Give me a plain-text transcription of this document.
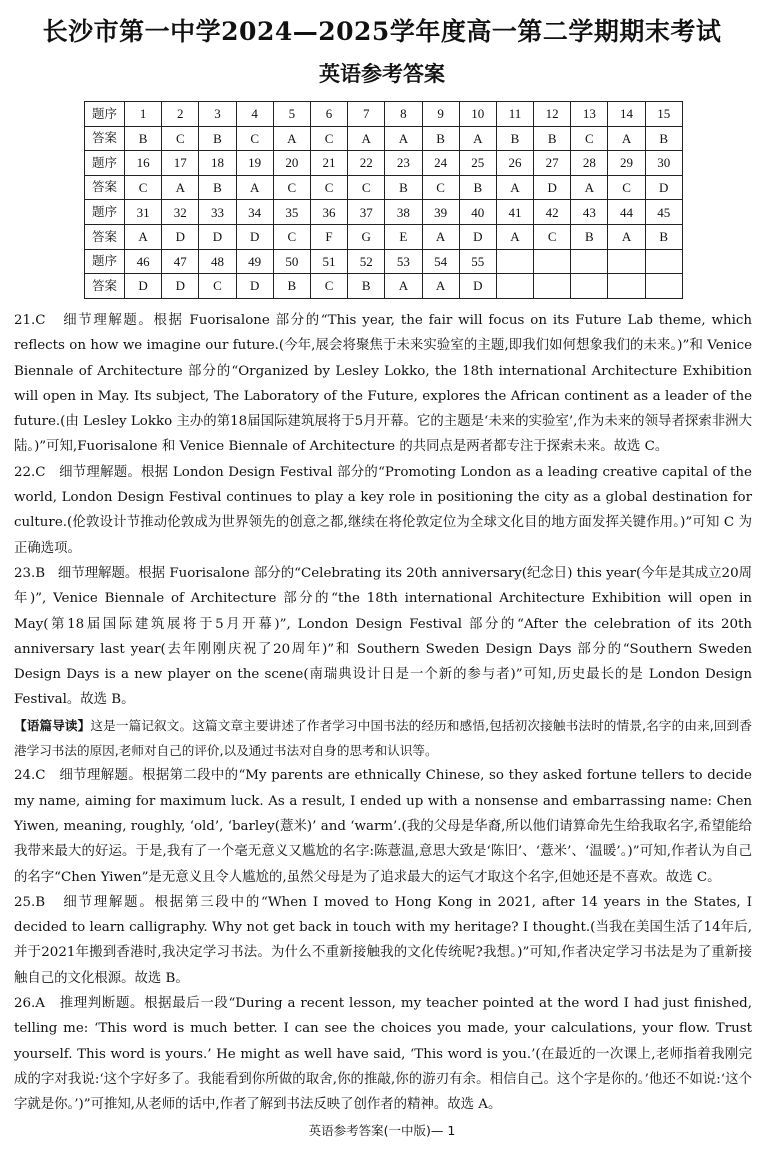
长沙市第一中学2024—2025学年度高一第二学期期末考试
英语参考答案
题序	1	2	3	4	5	6	7	8	9	10	11	12	13	14	15
答案	B	C	B	C	A	C	A	A	B	A	B	B	C	A	B
题序	16	17	18	19	20	21	22	23	24	25	26	27	28	29	30
答案	C	A	B	A	C	C	C	B	C	B	A	D	A	C	D
题序	31	32	33	34	35	36	37	38	39	40	41	42	43	44	45
答案	A	D	D	D	C	F	G	E	A	D	A	C	B	A	B
题序	46	47	48	49	50	51	52	53	54	55					
答案	D	D	C	D	B	C	B	A	A	D					

21.C 细节理解题。根据 Fuorisalone 部分的“This year, the fair will focus on its Future Lab theme, which reflects on how we imagine our future.(今年,展会将聚焦于未来实验室的主题,即我们如何想象我们的未来。)”和 Venice Biennale of Architecture 部分的“Organized by Lesley Lokko, the 18th international Architecture Exhibition will open in May. Its subject, The Laboratory of the Future, explores the African continent as a leader of the future.(由 Lesley Lokko 主办的第18届国际建筑展将于5月开幕。它的主题是‘未来的实验室’,作为未来的领导者探索非洲大陆。)”可知,Fuorisalone 和 Venice Biennale of Architecture 的共同点是两者都专注于探索未来。故选 C。

22.C 细节理解题。根据 London Design Festival 部分的“Promoting London as a leading creative capital of the world, London Design Festival continues to play a key role in positioning the city as a global destination for culture.(伦敦设计节推动伦敦成为世界领先的创意之都,继续在将伦敦定位为全球文化目的地方面发挥关键作用。)”可知 C 为正确选项。

23.B 细节理解题。根据 Fuorisalone 部分的“Celebrating its 20th anniversary(纪念日) this year(今年是其成立20周年)”, Venice Biennale of Architecture 部分的“the 18th international Architecture Exhibition will open in May(第18届国际建筑展将于5月开幕)”, London Design Festival 部分的“After the celebration of its 20th anniversary last year(去年刚刚庆祝了20周年)”和 Southern Sweden Design Days 部分的“Southern Sweden Design Days is a new player on the scene(南瑞典设计日是一个新的参与者)”可知,历史最长的是 London Design Festival。故选 B。

【语篇导读】这是一篇记叙文。这篇文章主要讲述了作者学习中国书法的经历和感悟,包括初次接触书法时的情景,名字的由来,回到香港学习书法的原因,老师对自己的评价,以及通过书法对自身的思考和认识等。

24.C 细节理解题。根据第二段中的“My parents are ethnically Chinese, so they asked fortune tellers to decide my name, aiming for maximum luck. As a result, I ended up with a nonsense and embarrassing name: Chen Yiwen, meaning, roughly, ‘old’, ‘barley(薏米)’ and ‘warm’.(我的父母是华裔,所以他们请算命先生给我取名字,希望能给我带来最大的好运。于是,我有了一个毫无意义又尴尬的名字:陈薏温,意思大致是‘陈旧’、‘薏米’、‘温暖’。)”可知,作者认为自己的名字“Chen Yiwen”是无意义且令人尴尬的,虽然父母是为了追求最大的运气才取这个名字,但她还是不喜欢。故选 C。

25.B 细节理解题。根据第三段中的“When I moved to Hong Kong in 2021, after 14 years in the States, I decided to learn calligraphy. Why not get back in touch with my heritage? I thought.(当我在美国生活了14年后,并于2021年搬到香港时,我决定学习书法。为什么不重新接触我的文化传统呢?我想。)”可知,作者决定学习书法是为了重新接触自己的文化根源。故选 B。

26.A 推理判断题。根据最后一段“During a recent lesson, my teacher pointed at the word I had just finished, telling me: ‘This word is much better. I can see the choices you made, your calculations, your flow. Trust yourself. This word is yours.’ He might as well have said, ‘This word is you.’(在最近的一次课上,老师指着我刚完成的字对我说:‘这个字好多了。我能看到你所做的取舍,你的推敲,你的游刃有余。相信自己。这个字是你的。’他还不如说:‘这个字就是你。’)”可推知,从老师的话中,作者了解到书法反映了创作者的精神。故选 A。

英语参考答案(一中版)— 1
